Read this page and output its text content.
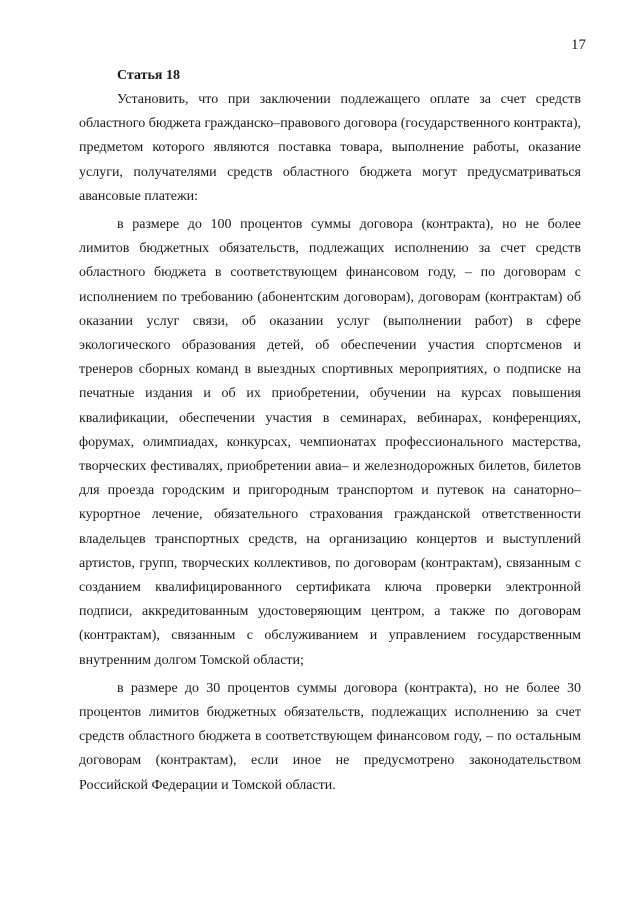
17
Статья 18

Установить, что при заключении подлежащего оплате за счет средств областного бюджета гражданско–правового договора (государственного контракта), предметом которого являются поставка товара, выполнение работы, оказание услуги, получателями средств областного бюджета могут предусматриваться авансовые платежи:

в размере до 100 процентов суммы договора (контракта), но не более лимитов бюджетных обязательств, подлежащих исполнению за счет средств областного бюджета в соответствующем финансовом году, – по договорам с исполнением по требованию (абонентским договорам), договорам (контрактам) об оказании услуг связи, об оказании услуг (выполнении работ) в сфере экологического образования детей, об обеспечении участия спортсменов и тренеров сборных команд в выездных спортивных мероприятиях, о подписке на печатные издания и об их приобретении, обучении на курсах повышения квалификации, обеспечении участия в семинарах, вебинарах, конференциях, форумах, олимпиадах, конкурсах, чемпионатах профессионального мастерства, творческих фестивалях, приобретении авиа– и железнодорожных билетов, билетов для проезда городским и пригородным транспортом и путевок на санаторно–курортное лечение, обязательного страхования гражданской ответственности владельцев транспортных средств, на организацию концертов и выступлений артистов, групп, творческих коллективов, по договорам (контрактам), связанным с созданием квалифицированного сертификата ключа проверки электронной подписи, аккредитованным удостоверяющим центром, а также по договорам (контрактам), связанным с обслуживанием и управлением государственным внутренним долгом Томской области;

в размере до 30 процентов суммы договора (контракта), но не более 30 процентов лимитов бюджетных обязательств, подлежащих исполнению за счет средств областного бюджета в соответствующем финансовом году, – по остальным договорам (контрактам), если иное не предусмотрено законодательством Российской Федерации и Томской области.
